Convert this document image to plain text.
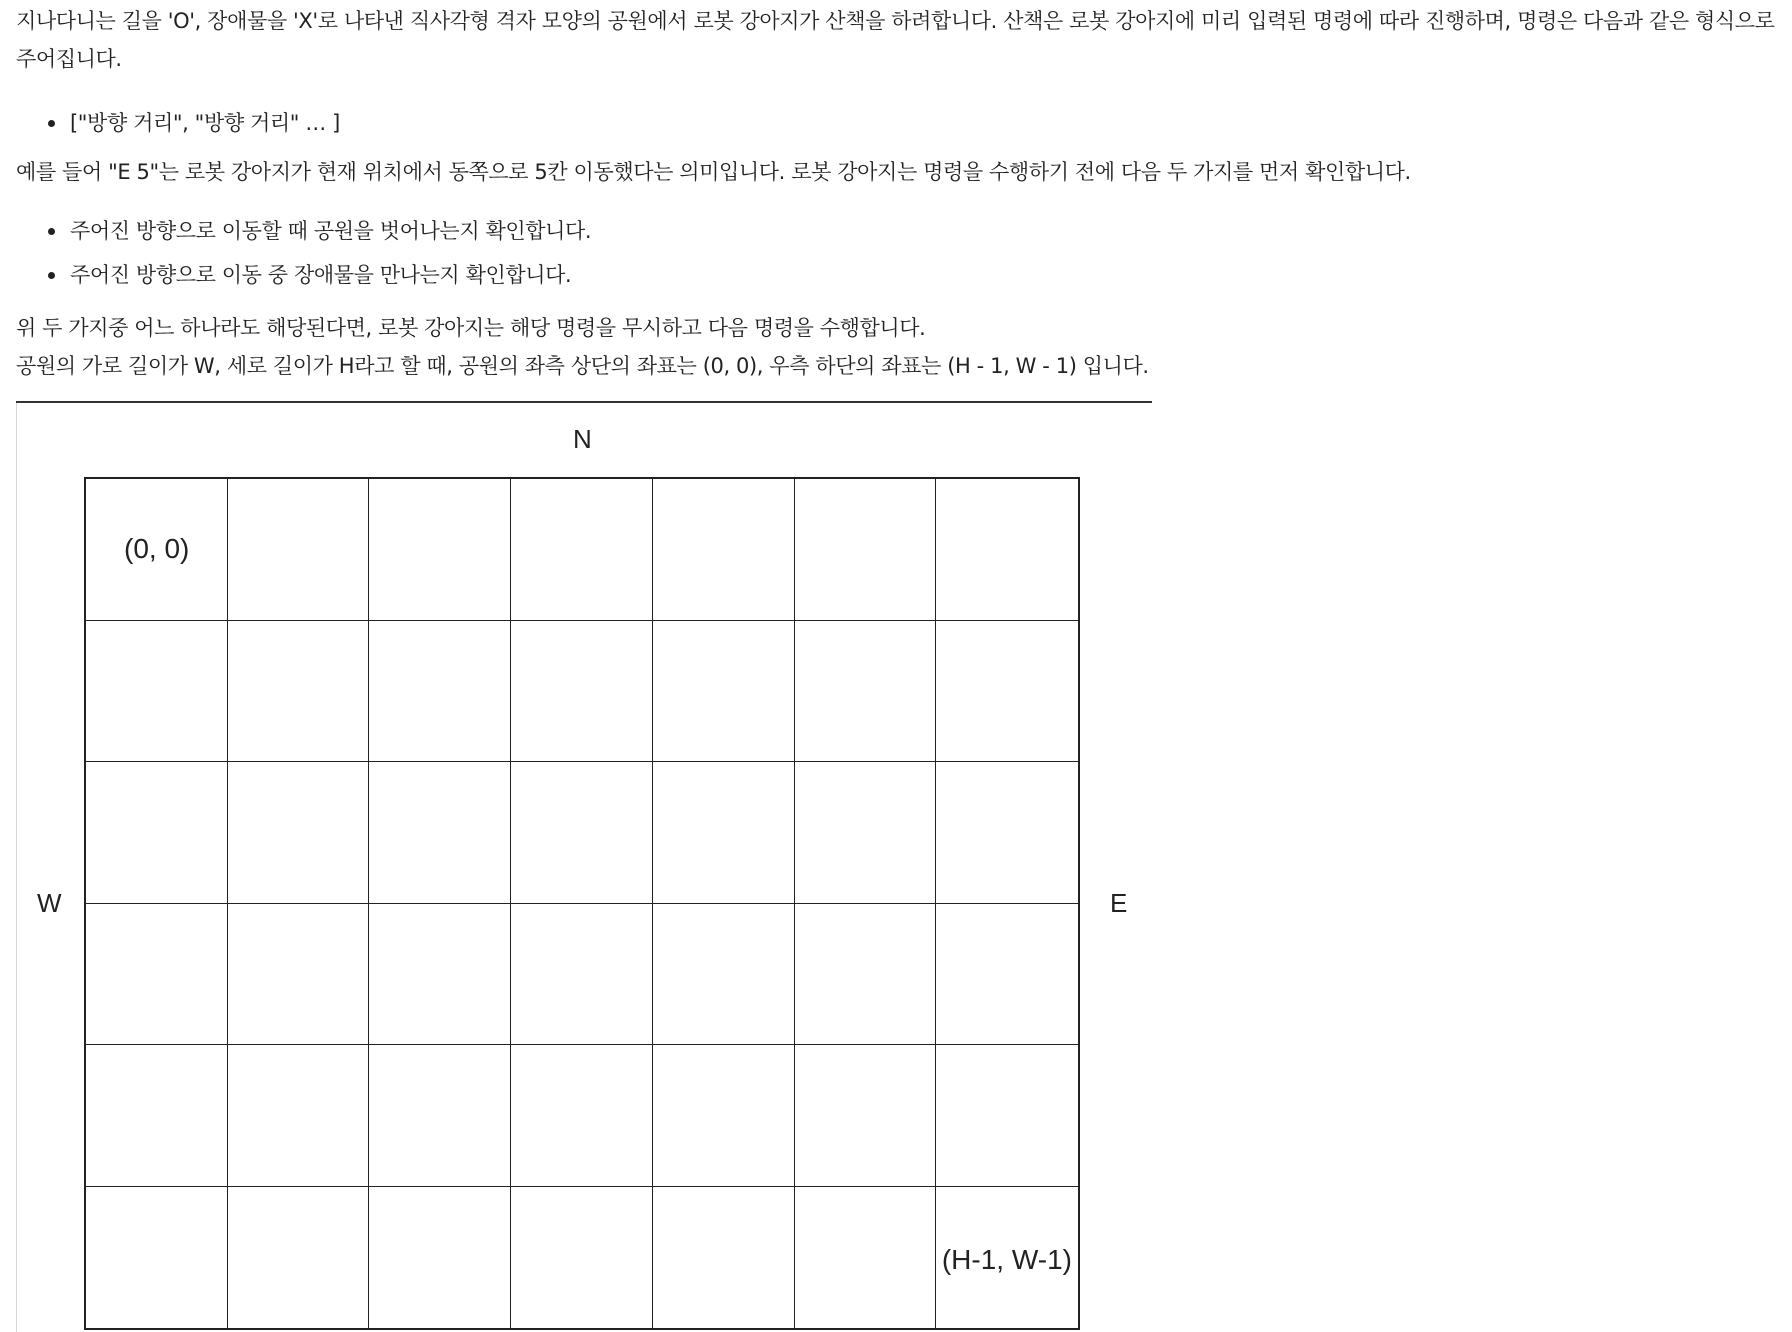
지나다니는 길을 'O', 장애물을 'X'로 나타낸 직사각형 격자 모양의 공원에서 로봇 강아지가 산책을 하려합니다. 산책은 로봇 강아지에 미리 입력된 명령에 따라 진행하며, 명령은 다음과 같은 형식으로 주어집니다.

["방향 거리", "방향 거리" … ]

예를 들어 "E 5"는 로봇 강아지가 현재 위치에서 동쪽으로 5칸 이동했다는 의미입니다. 로봇 강아지는 명령을 수행하기 전에 다음 두 가지를 먼저 확인합니다.

주어진 방향으로 이동할 때 공원을 벗어나는지 확인합니다.
주어진 방향으로 이동 중 장애물을 만나는지 확인합니다.

위 두 가지중 어느 하나라도 해당된다면, 로봇 강아지는 해당 명령을 무시하고 다음 명령을 수행합니다.

공원의 가로 길이가 W, 세로 길이가 H라고 할 때, 공원의 좌측 상단의 좌표는 (0, 0), 우측 하단의 좌표는 (H - 1, W - 1) 입니다.

N
W	E
(0, 0)
(H-1, W-1)
